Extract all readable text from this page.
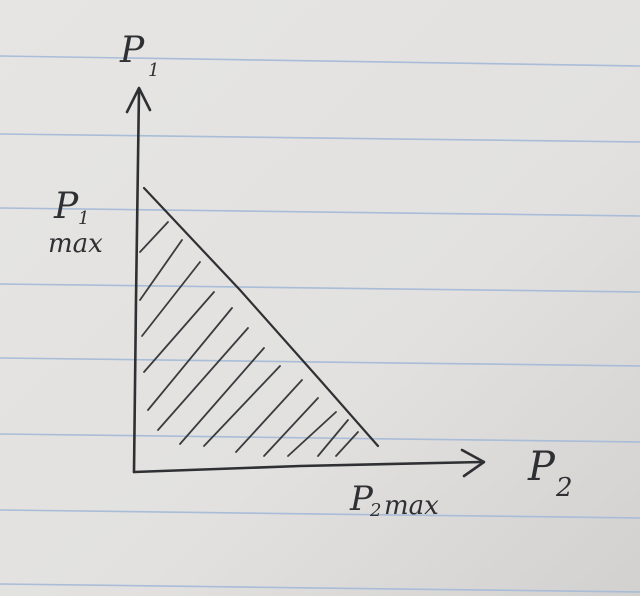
P 1
P 1
max
P 2
P
2 max
